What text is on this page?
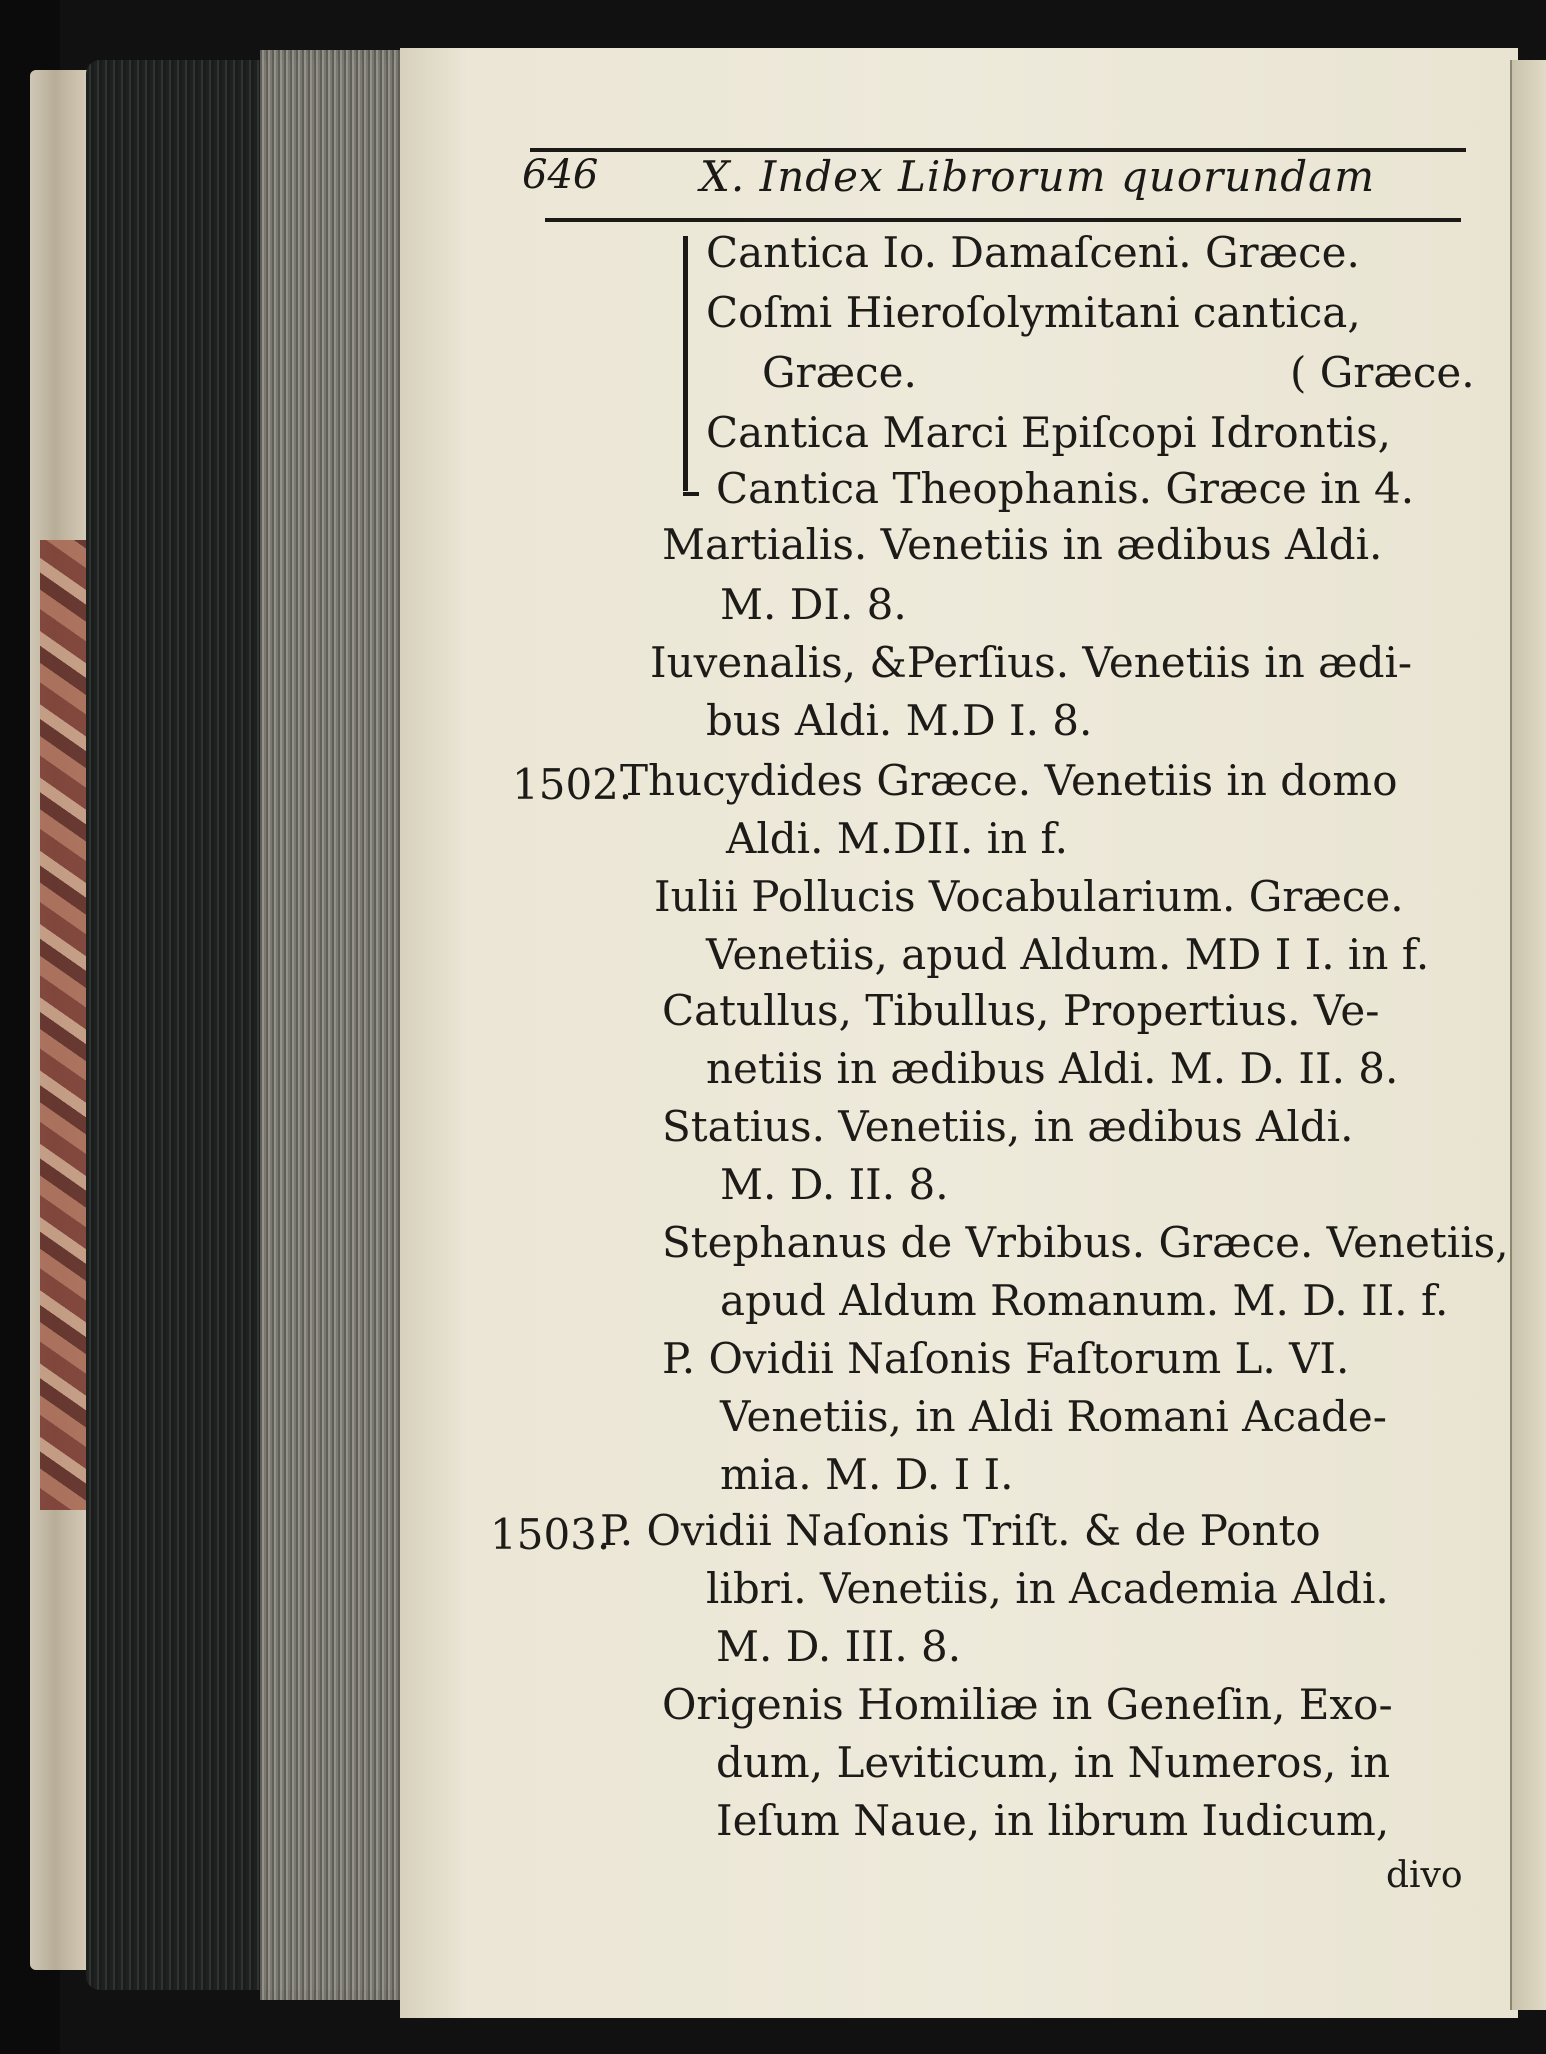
646 X. Index Librorum quorundam
Cantica Io. Damaſceni. Græce.
Coſmi Hieroſolymitani cantica,
Græce.	( Græce.
Cantica Marci Epiſcopi Idrontis,
Cantica Theophanis. Græce in 4.
Martialis. Venetiis in ædibus Aldi.
M. DI. 8.
Iuvenalis, &Perſius. Venetiis in ædi-
bus Aldi. M.D I. 8.
1502.
Thucydides Græce. Venetiis in domo
Aldi. M.DII. in f.
Iulii Pollucis Vocabularium. Græce.
Venetiis, apud Aldum. MD I I. in f.
Catullus, Tibullus, Propertius. Ve-
netiis in ædibus Aldi. M. D. II. 8.
Statius. Venetiis, in ædibus Aldi.
M. D. II. 8.
Stephanus de Vrbibus. Græce. Venetiis,
apud Aldum Romanum. M. D. II. f.
P. Ovidii Naſonis Faſtorum L. VI.
Venetiis, in Aldi Romani Acade-
mia. M. D. I I.
1503.
P. Ovidii Naſonis Triſt. & de Ponto
libri. Venetiis, in Academia Aldi.
M. D. III. 8.
Origenis Homiliæ in Geneſin, Exo-
dum, Leviticum, in Numeros, in
Ieſum Naue, in librum Iudicum,
divo
